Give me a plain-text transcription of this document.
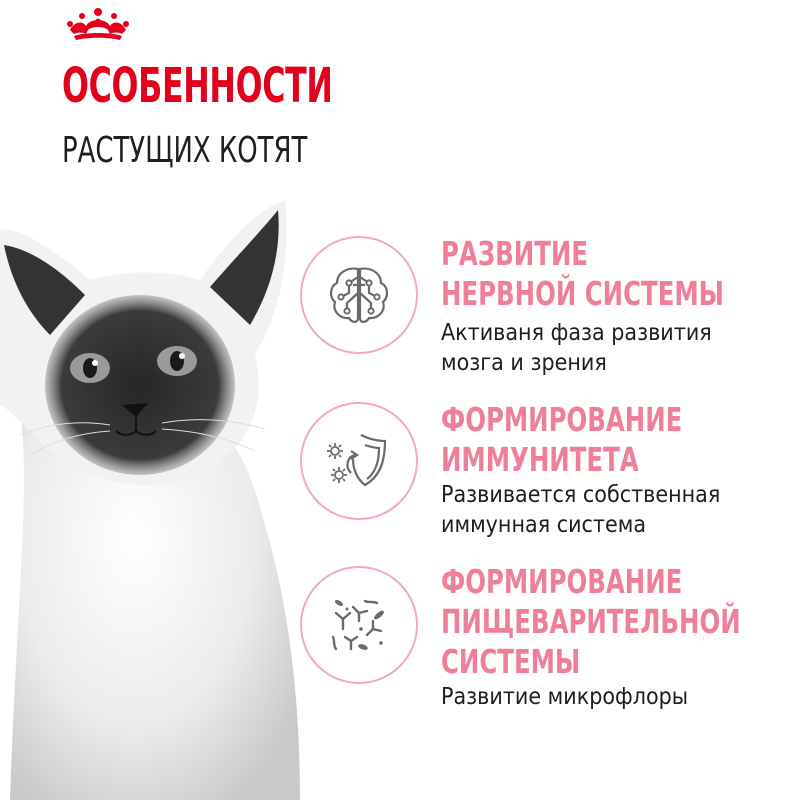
ОСОБЕННОСТИ
РАСТУЩИХ КОТЯТ
РАЗВИТИЕ
НЕРВНОЙ СИСТЕМЫ
Активаня фаза развития
мозга и зрения
ФОРМИРОВАНИЕ
ИММУНИТЕТА
Развивается собственная
иммунная система
ФОРМИРОВАНИЕ
ПИЩЕВАРИТЕЛЬНОЙ
СИСТЕМЫ
Развитие микрофлоры
